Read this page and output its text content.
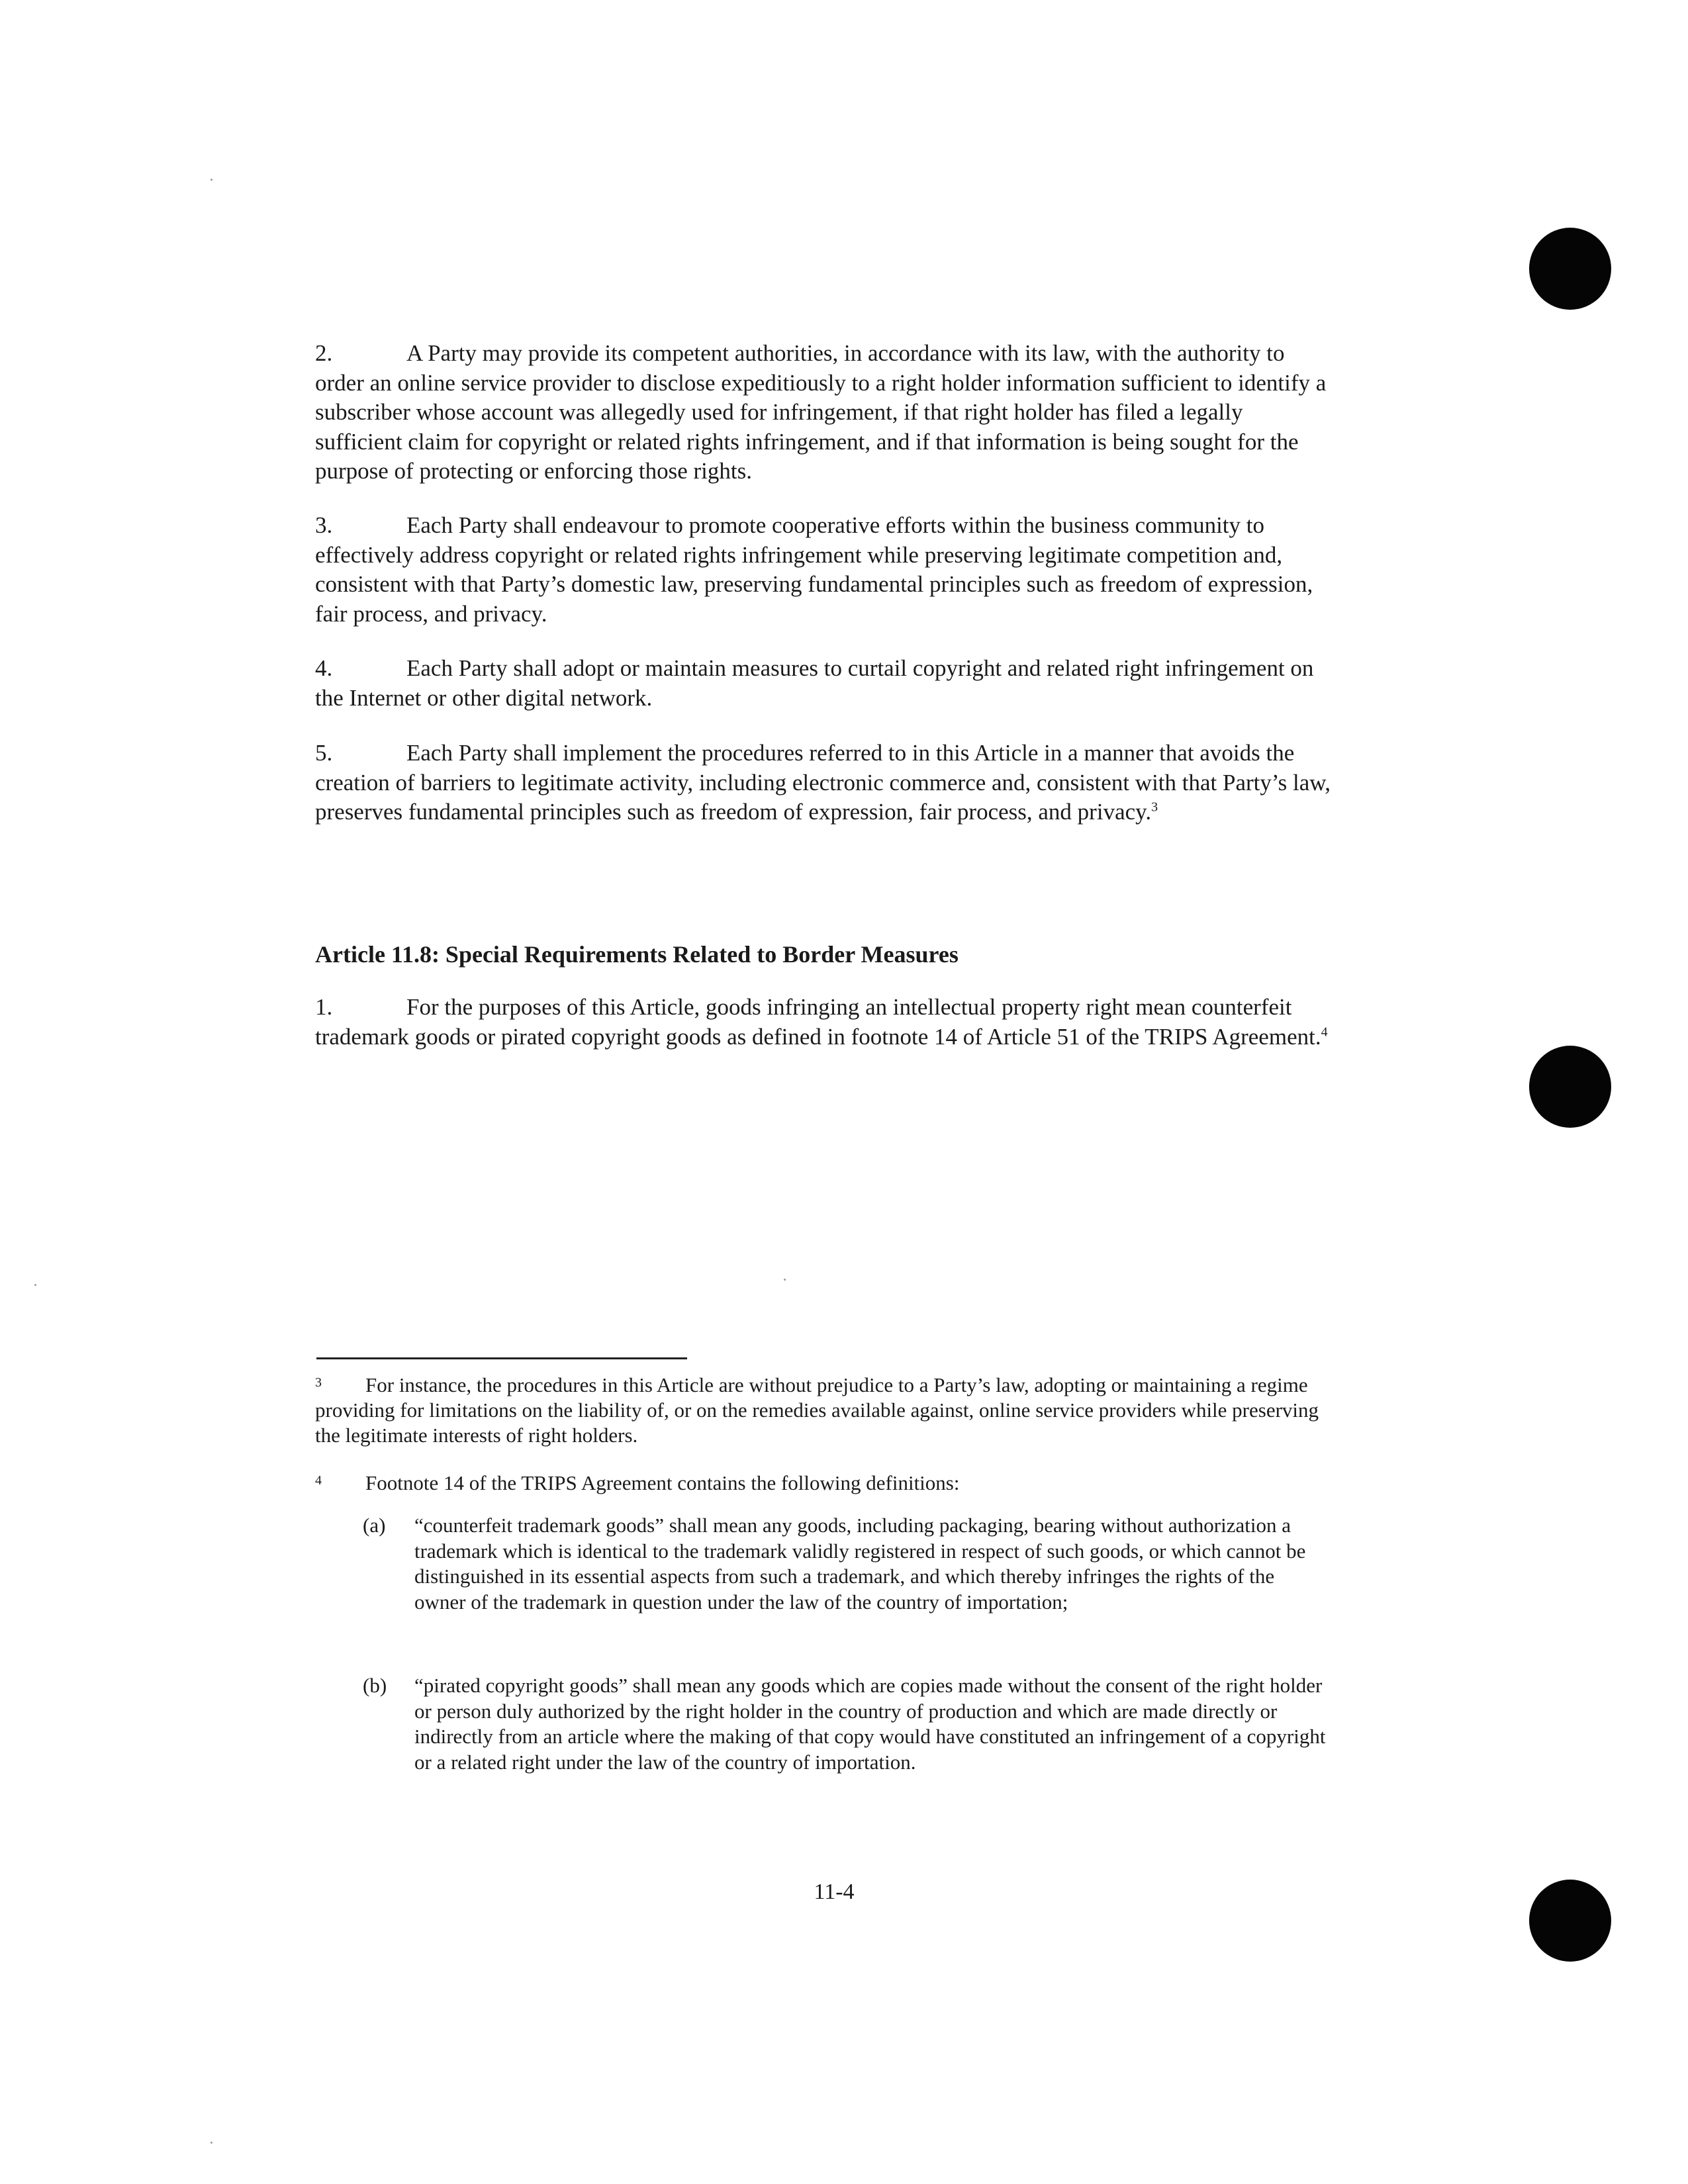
2.	A Party may provide its competent authorities, in accordance with its law, with the authority to order an online service provider to disclose expeditiously to a right holder information sufficient to identify a subscriber whose account was allegedly used for infringement, if that right holder has filed a legally sufficient claim for copyright or related rights infringement, and if that information is being sought for the purpose of protecting or enforcing those rights.

3.	Each Party shall endeavour to promote cooperative efforts within the business community to effectively address copyright or related rights infringement while preserving legitimate competition and, consistent with that Party’s domestic law, preserving fundamental principles such as freedom of expression, fair process, and privacy.

4.	Each Party shall adopt or maintain measures to curtail copyright and related right infringement on the Internet or other digital network.

5.	Each Party shall implement the procedures referred to in this Article in a manner that avoids the creation of barriers to legitimate activity, including electronic commerce and, consistent with that Party’s law, preserves fundamental principles such as freedom of expression, fair process, and privacy.$^3$

Article 11.8: Special Requirements Related to Border Measures

1.	For the purposes of this Article, goods infringing an intellectual property right mean counterfeit trademark goods or pirated copyright goods as defined in footnote 14 of Article 51 of the TRIPS Agreement.$^4$

3 For instance, the procedures in this Article are without prejudice to a Party’s law, adopting or maintaining a regime providing for limitations on the liability of, or on the remedies available against, online service providers while preserving the legitimate interests of right holders.

4 Footnote 14 of the TRIPS Agreement contains the following definitions:

(a)	“counterfeit trademark goods” shall mean any goods, including packaging, bearing without authorization a trademark which is identical to the trademark validly registered in respect of such goods, or which cannot be distinguished in its essential aspects from such a trademark, and which thereby infringes the rights of the owner of the trademark in question under the law of the country of importation;
(b)	“pirated copyright goods” shall mean any goods which are copies made without the consent of the right holder or person duly authorized by the right holder in the country of production and which are made directly or indirectly from an article where the making of that copy would have constituted an infringement of a copyright or a related right under the law of the country of importation.
11-4
